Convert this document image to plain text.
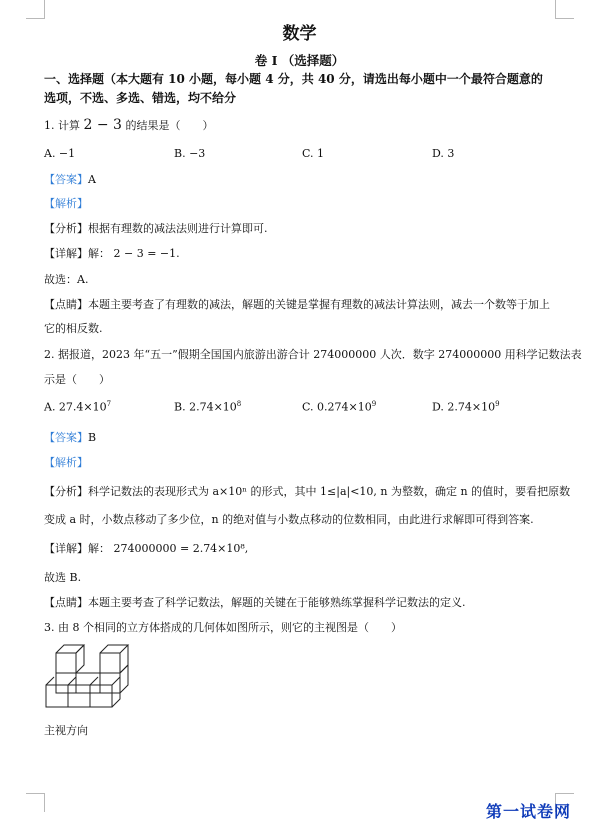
数学
卷 I （选择题）
一、选择题（本大题有 10 小题，每小题 4 分，共 40 分，请选出每小题中一个最符合题意的
选项，不选、多选、错选，均不给分
1. 计算 2 − 3 的结果是（　　）
A. −1	B. −3	C. 1	D. 3
【答案】A
【解析】
【分析】根据有理数的减法法则进行计算即可.
【详解】解： 2 − 3 = −1.
故选：A.
【点睛】本题主要考查了有理数的减法，解题的关键是掌握有理数的减法计算法则，减去一个数等于加上
它的相反数.
2. 据报道，2023 年“五一”假期全国国内旅游出游合计 274000000 人次．数字 274000000 用科学记数法表
示是（　　）
A. $27.4\times 10^7$	B. $2.74\times 10^8$	C. $0.274\times 10^9$	D. $2.74\times 10^9$
【答案】B
【解析】
【分析】科学记数法的表现形式为 a×10ⁿ 的形式，其中 1≤|a|<10, n 为整数，确定 n 的值时，要看把原数
变成 a 时，小数点移动了多少位，n 的绝对值与小数点移动的位数相同，由此进行求解即可得到答案.
【详解】解： 274000000 = 2.74×10⁸,
故选 B.
【点睛】本题主要考查了科学记数法，解题的关键在于能够熟练掌握科学记数法的定义.
3. 由 8 个相同的立方体搭成的几何体如图所示，则它的主视图是（　　）
主视方向
第一试卷网
